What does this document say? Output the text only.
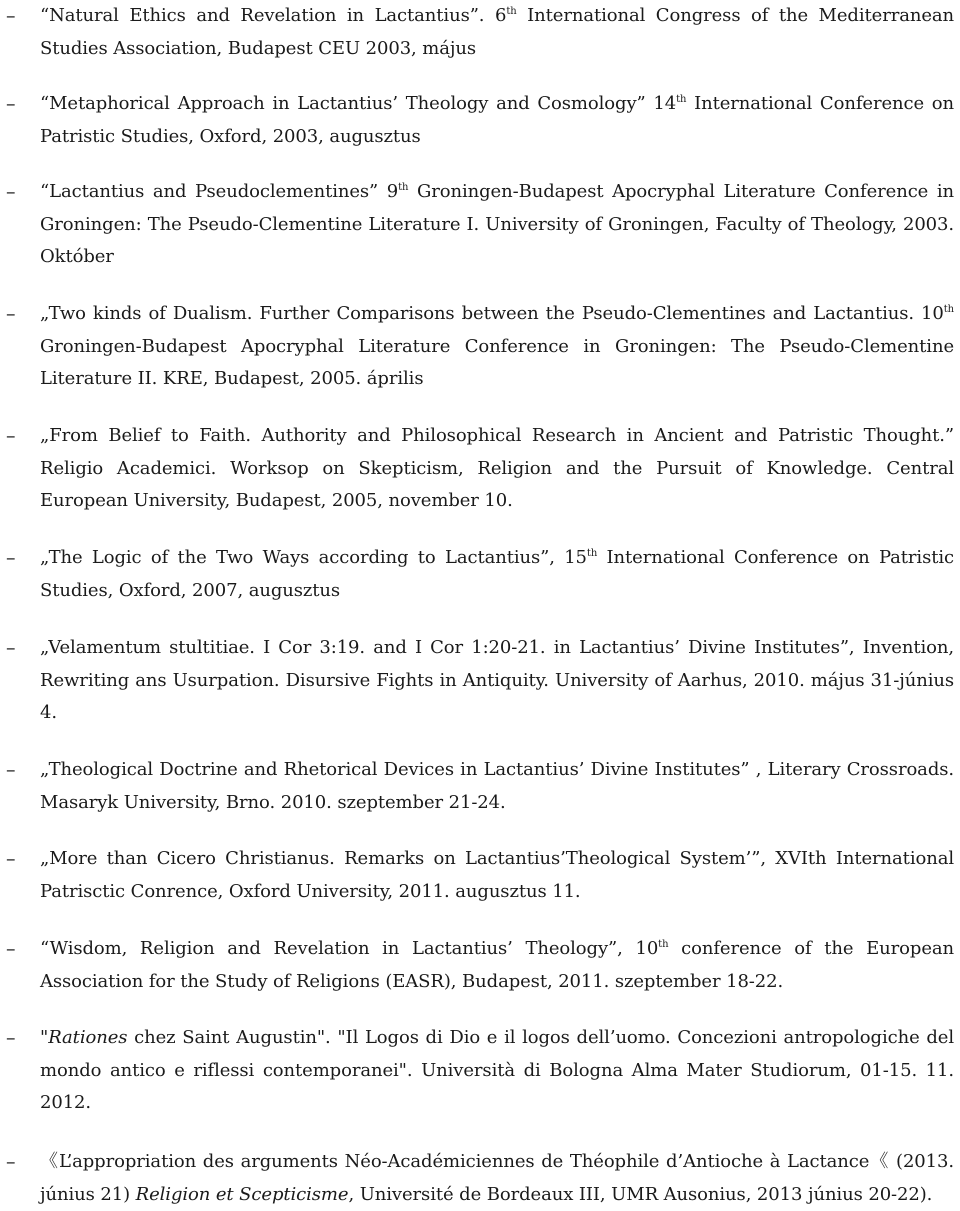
– “Natural Ethics and Revelation in Lactantius”. 6th International Congress of the Mediterranean Studies Association, Budapest CEU 2003, május
– “Metaphorical Approach in Lactantius’ Theology and Cosmology” 14th International Conference on Patristic Studies, Oxford, 2003, augusztus
– “Lactantius and Pseudoclementines” 9th Groningen-Budapest Apocryphal Literature Conference in Groningen: The Pseudo-Clementine Literature I. University of Groningen, Faculty of Theology, 2003. Október
– „Two kinds of Dualism. Further Comparisons between the Pseudo-Clementines and Lactantius. 10th Groningen-Budapest Apocryphal Literature Conference in Groningen: The Pseudo-Clementine Literature II. KRE, Budapest, 2005. április
– „From Belief to Faith. Authority and Philosophical Research in Ancient and Patristic Thought.” Religio Academici. Worksop on Skepticism, Religion and the Pursuit of Knowledge. Central European University, Budapest, 2005, november 10.
– „The Logic of the Two Ways according to Lactantius”, 15th International Conference on Patristic Studies, Oxford, 2007, augusztus
– „Velamentum stultitiae. I Cor 3:19. and I Cor 1:20-21. in Lactantius’ Divine Institutes”, Invention, Rewriting ans Usurpation. Disursive Fights in Antiquity. University of Aarhus, 2010. május 31-június 4.
– „Theological Doctrine and Rhetorical Devices in Lactantius’ Divine Institutes” , Literary Crossroads. Masaryk University, Brno. 2010. szeptember 21-24.
– „More than Cicero Christianus. Remarks on Lactantius’Theological System’”, XVIth International Patrisctic Conrence, Oxford University, 2011. augusztus 11.
– “Wisdom, Religion and Revelation in Lactantius’ Theology”, 10th conference of the European Association for the Study of Religions (EASR), Budapest, 2011. szeptember 18-22.
– "Rationes chez Saint Augustin". "Il Logos di Dio e il logos dell’uomo. Concezioni antropologiche del mondo antico e riflessi contemporanei". Università di Bologna Alma Mater Studiorum, 01-15. 11. 2012.
– 《L’appropriation des arguments Néo-Académiciennes de Théophile d’Antioche à Lactance《 (2013. június 21) Religion et Scepticisme, Université de Bordeaux III, UMR Ausonius, 2013 június 20-22).
